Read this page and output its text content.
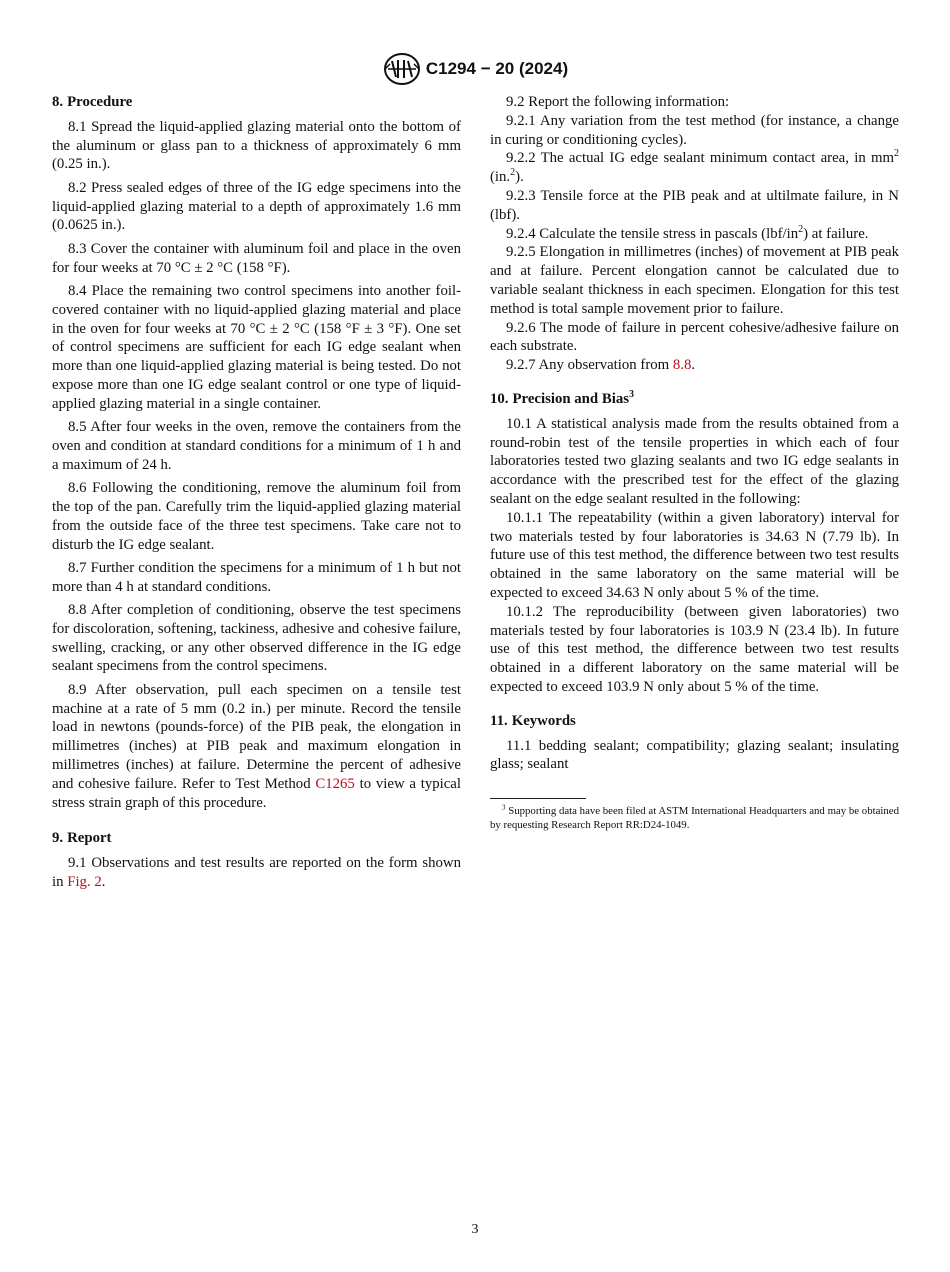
C1294 − 20 (2024)
8. Procedure

8.1 Spread the liquid-applied glazing material onto the bottom of the aluminum or glass pan to a thickness of approximately 6 mm (0.25 in.).

8.2 Press sealed edges of three of the IG edge specimens into the liquid-applied glazing material to a depth of approximately 1.6 mm (0.0625 in.).

8.3 Cover the container with aluminum foil and place in the oven for four weeks at 70 °C ± 2 °C (158 °F).

8.4 Place the remaining two control specimens into another foil-covered container with no liquid-applied glazing material and place in the oven for four weeks at 70 °C ± 2 °C (158 °F ± 3 °F). One set of control specimens are sufficient for each IG edge sealant when more than one liquid-applied glazing material is being tested. Do not expose more than one IG edge sealant control or one type of liquid-applied glazing material in a single container.

8.5 After four weeks in the oven, remove the containers from the oven and condition at standard conditions for a minimum of 1 h and a maximum of 24 h.

8.6 Following the conditioning, remove the aluminum foil from the top of the pan. Carefully trim the liquid-applied glazing material from the outside face of the three test specimens. Take care not to disturb the IG edge sealant.

8.7 Further condition the specimens for a minimum of 1 h but not more than 4 h at standard conditions.

8.8 After completion of conditioning, observe the test specimens for discoloration, softening, tackiness, adhesive and cohesive failure, swelling, cracking, or any other observed difference in the IG edge sealant specimens from the control specimens.

8.9 After observation, pull each specimen on a tensile test machine at a rate of 5 mm (0.2 in.) per minute. Record the tensile load in newtons (pounds-force) of the PIB peak, the elongation in millimetres (inches) at PIB peak and maximum elongation in millimetres (inches) at failure. Determine the percent of adhesive and cohesive failure. Refer to Test Method C1265 to view a typical stress strain graph of this procedure.

9. Report

9.1 Observations and test results are reported on the form shown in Fig. 2.

9.2 Report the following information:

9.2.1 Any variation from the test method (for instance, a change in curing or conditioning cycles).

9.2.2 The actual IG edge sealant minimum contact area, in $mm^2$ (in.$^2$).

9.2.3 Tensile force at the PIB peak and at ultilmate failure, in N (lbf).

9.2.4 Calculate the tensile stress in pascals $(lbf/in^2)$ at failure.

9.2.5 Elongation in millimetres (inches) of movement at PIB peak and at failure. Percent elongation cannot be calculated due to variable sealant thickness in each specimen. Elongation for this test method is total sample movement prior to failure.

9.2.6 The mode of failure in percent cohesive/adhesive failure on each substrate.

9.2.7 Any observation from 8.8.

10. Precision and Bias$^3$

10.1 A statistical analysis made from the results obtained from a round-robin test of the tensile properties in which each of four laboratories tested two glazing sealants and two IG edge sealants in accordance with the prescribed test for the effect of the glazing sealant on the edge sealant resulted in the following:

10.1.1 The repeatability (within a given laboratory) interval for two materials tested by four laboratories is 34.63 N (7.79 lb). In future use of this test method, the difference between two test results obtained in the same laboratory on the same material will be expected to exceed 34.63 N only about 5 % of the time.

10.1.2 The reproducibility (between given laboratories) two materials tested by four laboratories is 103.9 N (23.4 lb). In future use of this test method, the difference between two test results obtained in a different laboratory on the same material will be expected to exceed 103.9 N only about 5 % of the time.

11. Keywords

11.1 bedding sealant; compatibility; glazing sealant; insulating glass; sealant

$^3$ Supporting data have been filed at ASTM International Headquarters and may be obtained by requesting Research Report RR:D24-1049.

3
